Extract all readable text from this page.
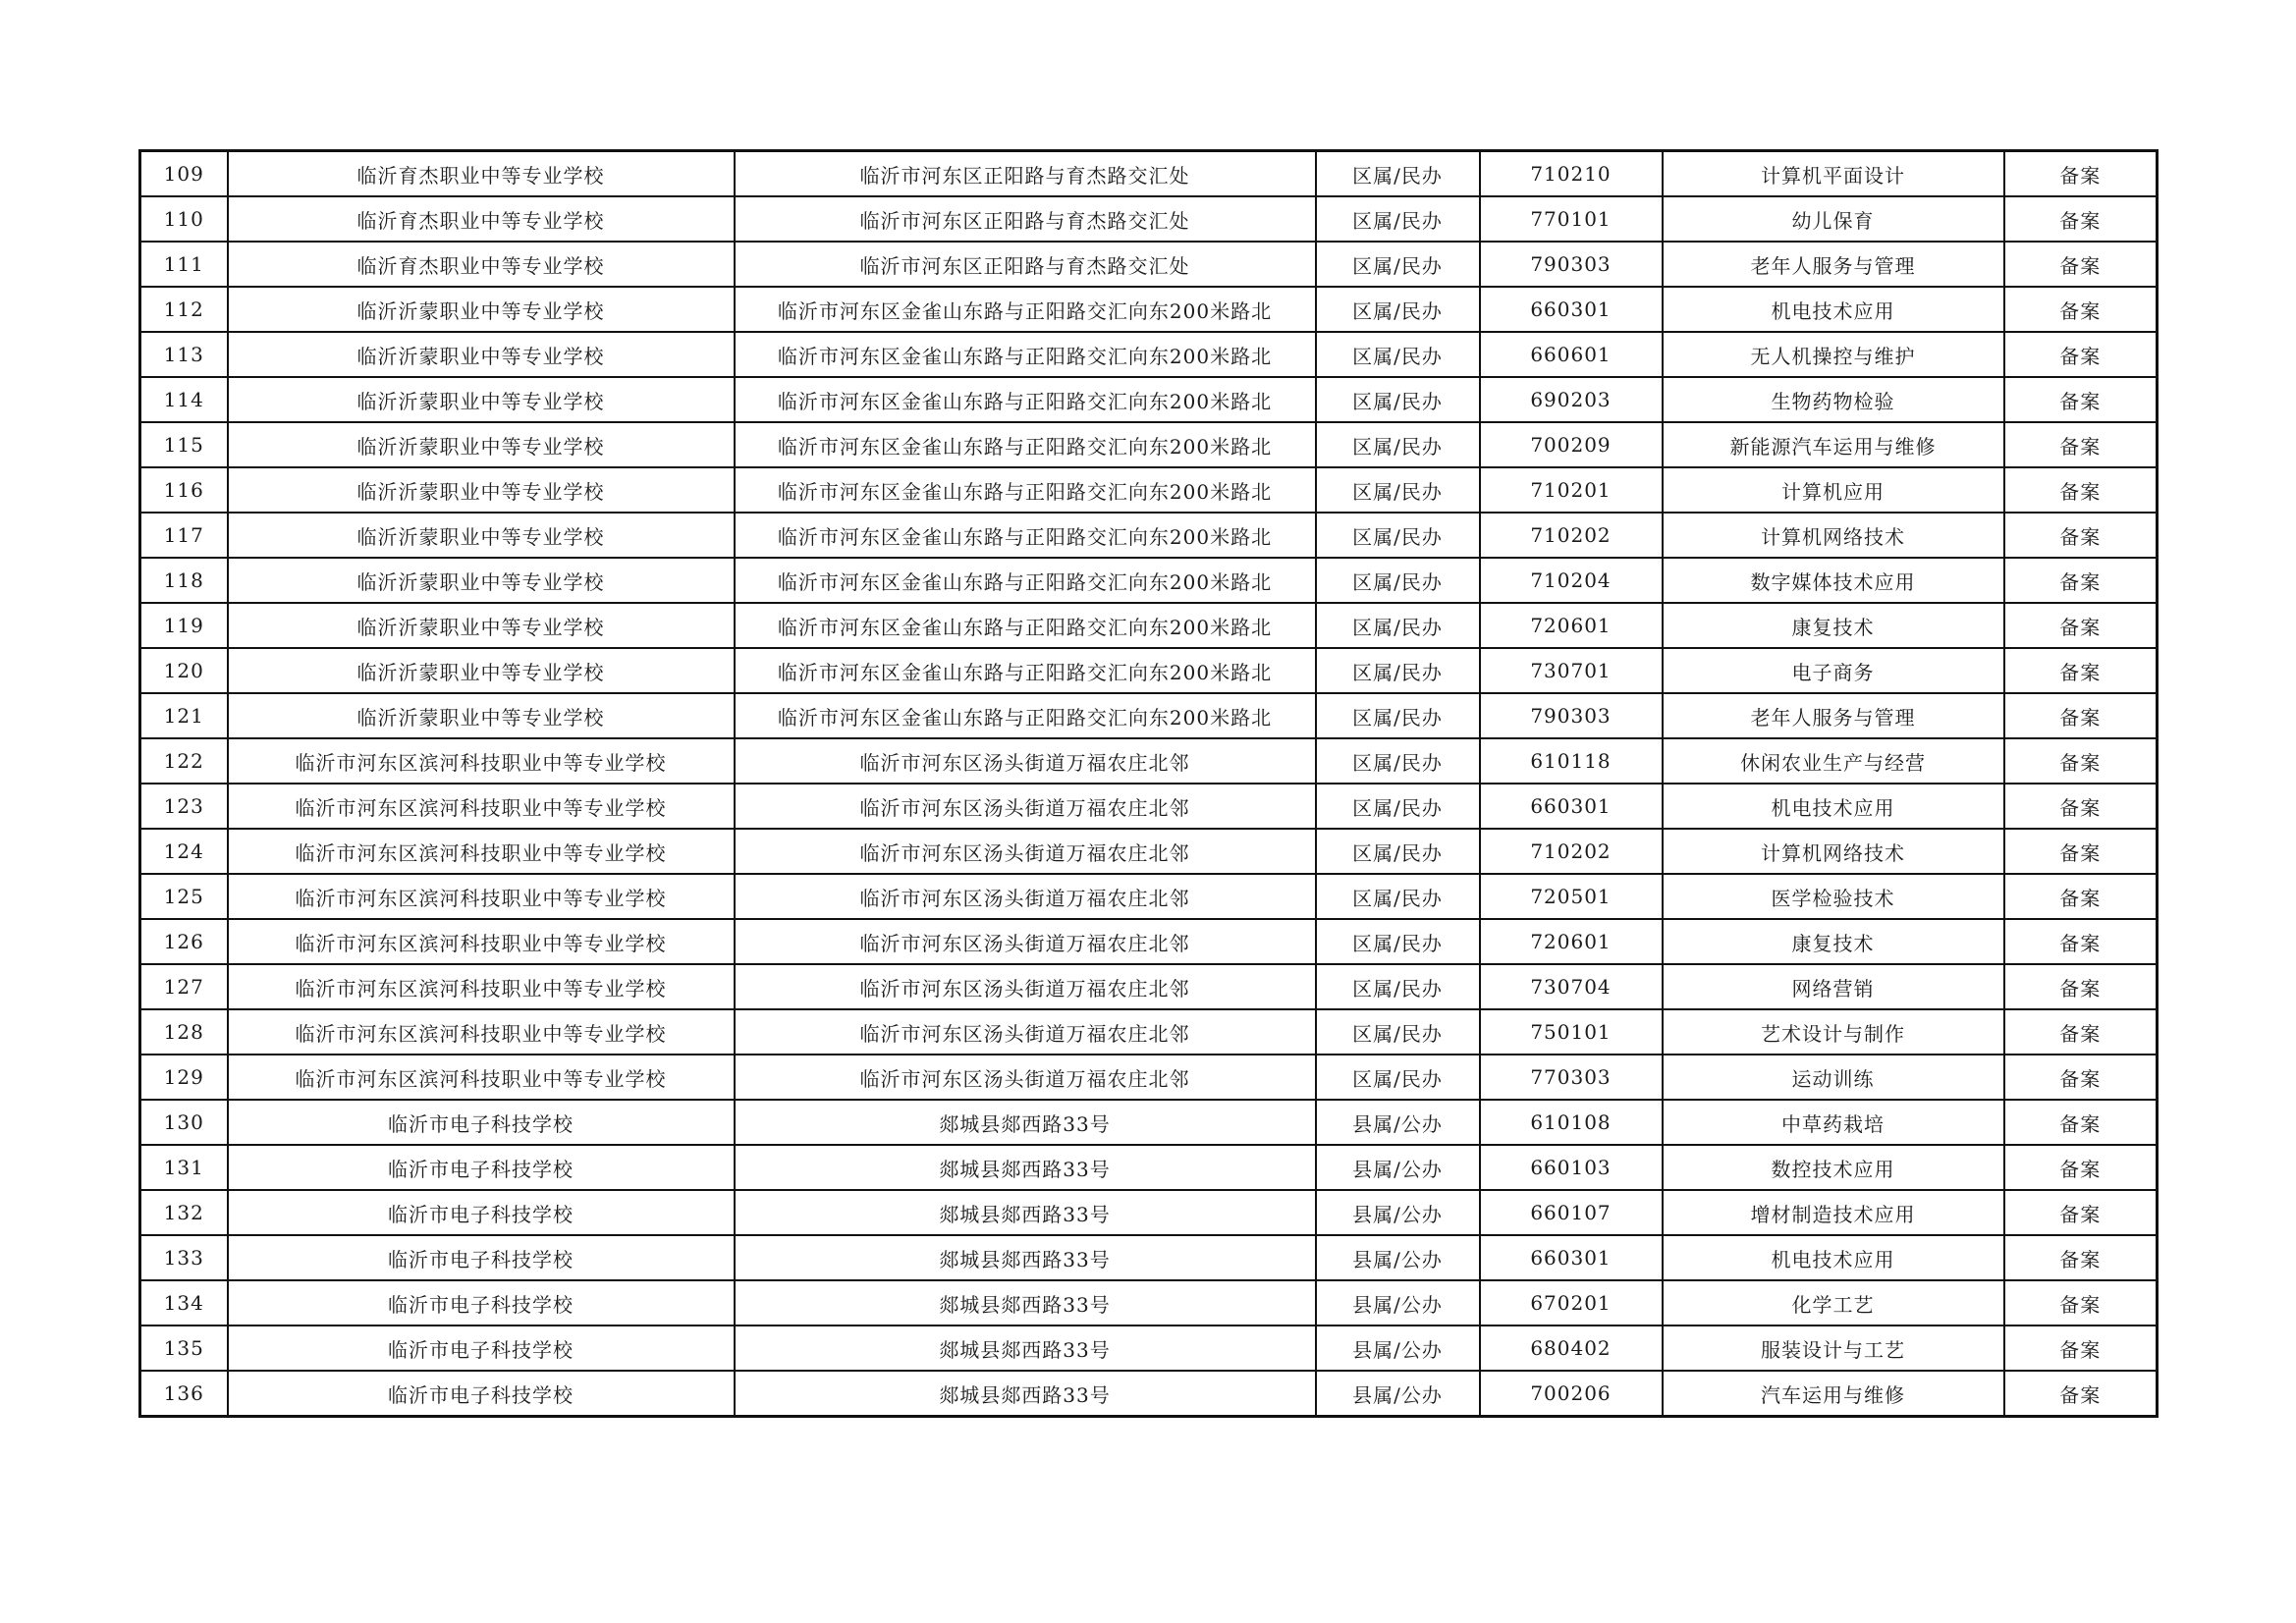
109	临沂育杰职业中等专业学校	临沂市河东区正阳路与育杰路交汇处	区属/民办	710210	计算机平面设计	备案
110	临沂育杰职业中等专业学校	临沂市河东区正阳路与育杰路交汇处	区属/民办	770101	幼儿保育	备案
111	临沂育杰职业中等专业学校	临沂市河东区正阳路与育杰路交汇处	区属/民办	790303	老年人服务与管理	备案
112	临沂沂蒙职业中等专业学校	临沂市河东区金雀山东路与正阳路交汇向东200米路北	区属/民办	660301	机电技术应用	备案
113	临沂沂蒙职业中等专业学校	临沂市河东区金雀山东路与正阳路交汇向东200米路北	区属/民办	660601	无人机操控与维护	备案
114	临沂沂蒙职业中等专业学校	临沂市河东区金雀山东路与正阳路交汇向东200米路北	区属/民办	690203	生物药物检验	备案
115	临沂沂蒙职业中等专业学校	临沂市河东区金雀山东路与正阳路交汇向东200米路北	区属/民办	700209	新能源汽车运用与维修	备案
116	临沂沂蒙职业中等专业学校	临沂市河东区金雀山东路与正阳路交汇向东200米路北	区属/民办	710201	计算机应用	备案
117	临沂沂蒙职业中等专业学校	临沂市河东区金雀山东路与正阳路交汇向东200米路北	区属/民办	710202	计算机网络技术	备案
118	临沂沂蒙职业中等专业学校	临沂市河东区金雀山东路与正阳路交汇向东200米路北	区属/民办	710204	数字媒体技术应用	备案
119	临沂沂蒙职业中等专业学校	临沂市河东区金雀山东路与正阳路交汇向东200米路北	区属/民办	720601	康复技术	备案
120	临沂沂蒙职业中等专业学校	临沂市河东区金雀山东路与正阳路交汇向东200米路北	区属/民办	730701	电子商务	备案
121	临沂沂蒙职业中等专业学校	临沂市河东区金雀山东路与正阳路交汇向东200米路北	区属/民办	790303	老年人服务与管理	备案
122	临沂市河东区滨河科技职业中等专业学校	临沂市河东区汤头街道万福农庄北邻	区属/民办	610118	休闲农业生产与经营	备案
123	临沂市河东区滨河科技职业中等专业学校	临沂市河东区汤头街道万福农庄北邻	区属/民办	660301	机电技术应用	备案
124	临沂市河东区滨河科技职业中等专业学校	临沂市河东区汤头街道万福农庄北邻	区属/民办	710202	计算机网络技术	备案
125	临沂市河东区滨河科技职业中等专业学校	临沂市河东区汤头街道万福农庄北邻	区属/民办	720501	医学检验技术	备案
126	临沂市河东区滨河科技职业中等专业学校	临沂市河东区汤头街道万福农庄北邻	区属/民办	720601	康复技术	备案
127	临沂市河东区滨河科技职业中等专业学校	临沂市河东区汤头街道万福农庄北邻	区属/民办	730704	网络营销	备案
128	临沂市河东区滨河科技职业中等专业学校	临沂市河东区汤头街道万福农庄北邻	区属/民办	750101	艺术设计与制作	备案
129	临沂市河东区滨河科技职业中等专业学校	临沂市河东区汤头街道万福农庄北邻	区属/民办	770303	运动训练	备案
130	临沂市电子科技学校	郯城县郯西路33号	县属/公办	610108	中草药栽培	备案
131	临沂市电子科技学校	郯城县郯西路33号	县属/公办	660103	数控技术应用	备案
132	临沂市电子科技学校	郯城县郯西路33号	县属/公办	660107	增材制造技术应用	备案
133	临沂市电子科技学校	郯城县郯西路33号	县属/公办	660301	机电技术应用	备案
134	临沂市电子科技学校	郯城县郯西路33号	县属/公办	670201	化学工艺	备案
135	临沂市电子科技学校	郯城县郯西路33号	县属/公办	680402	服装设计与工艺	备案
136	临沂市电子科技学校	郯城县郯西路33号	县属/公办	700206	汽车运用与维修	备案
